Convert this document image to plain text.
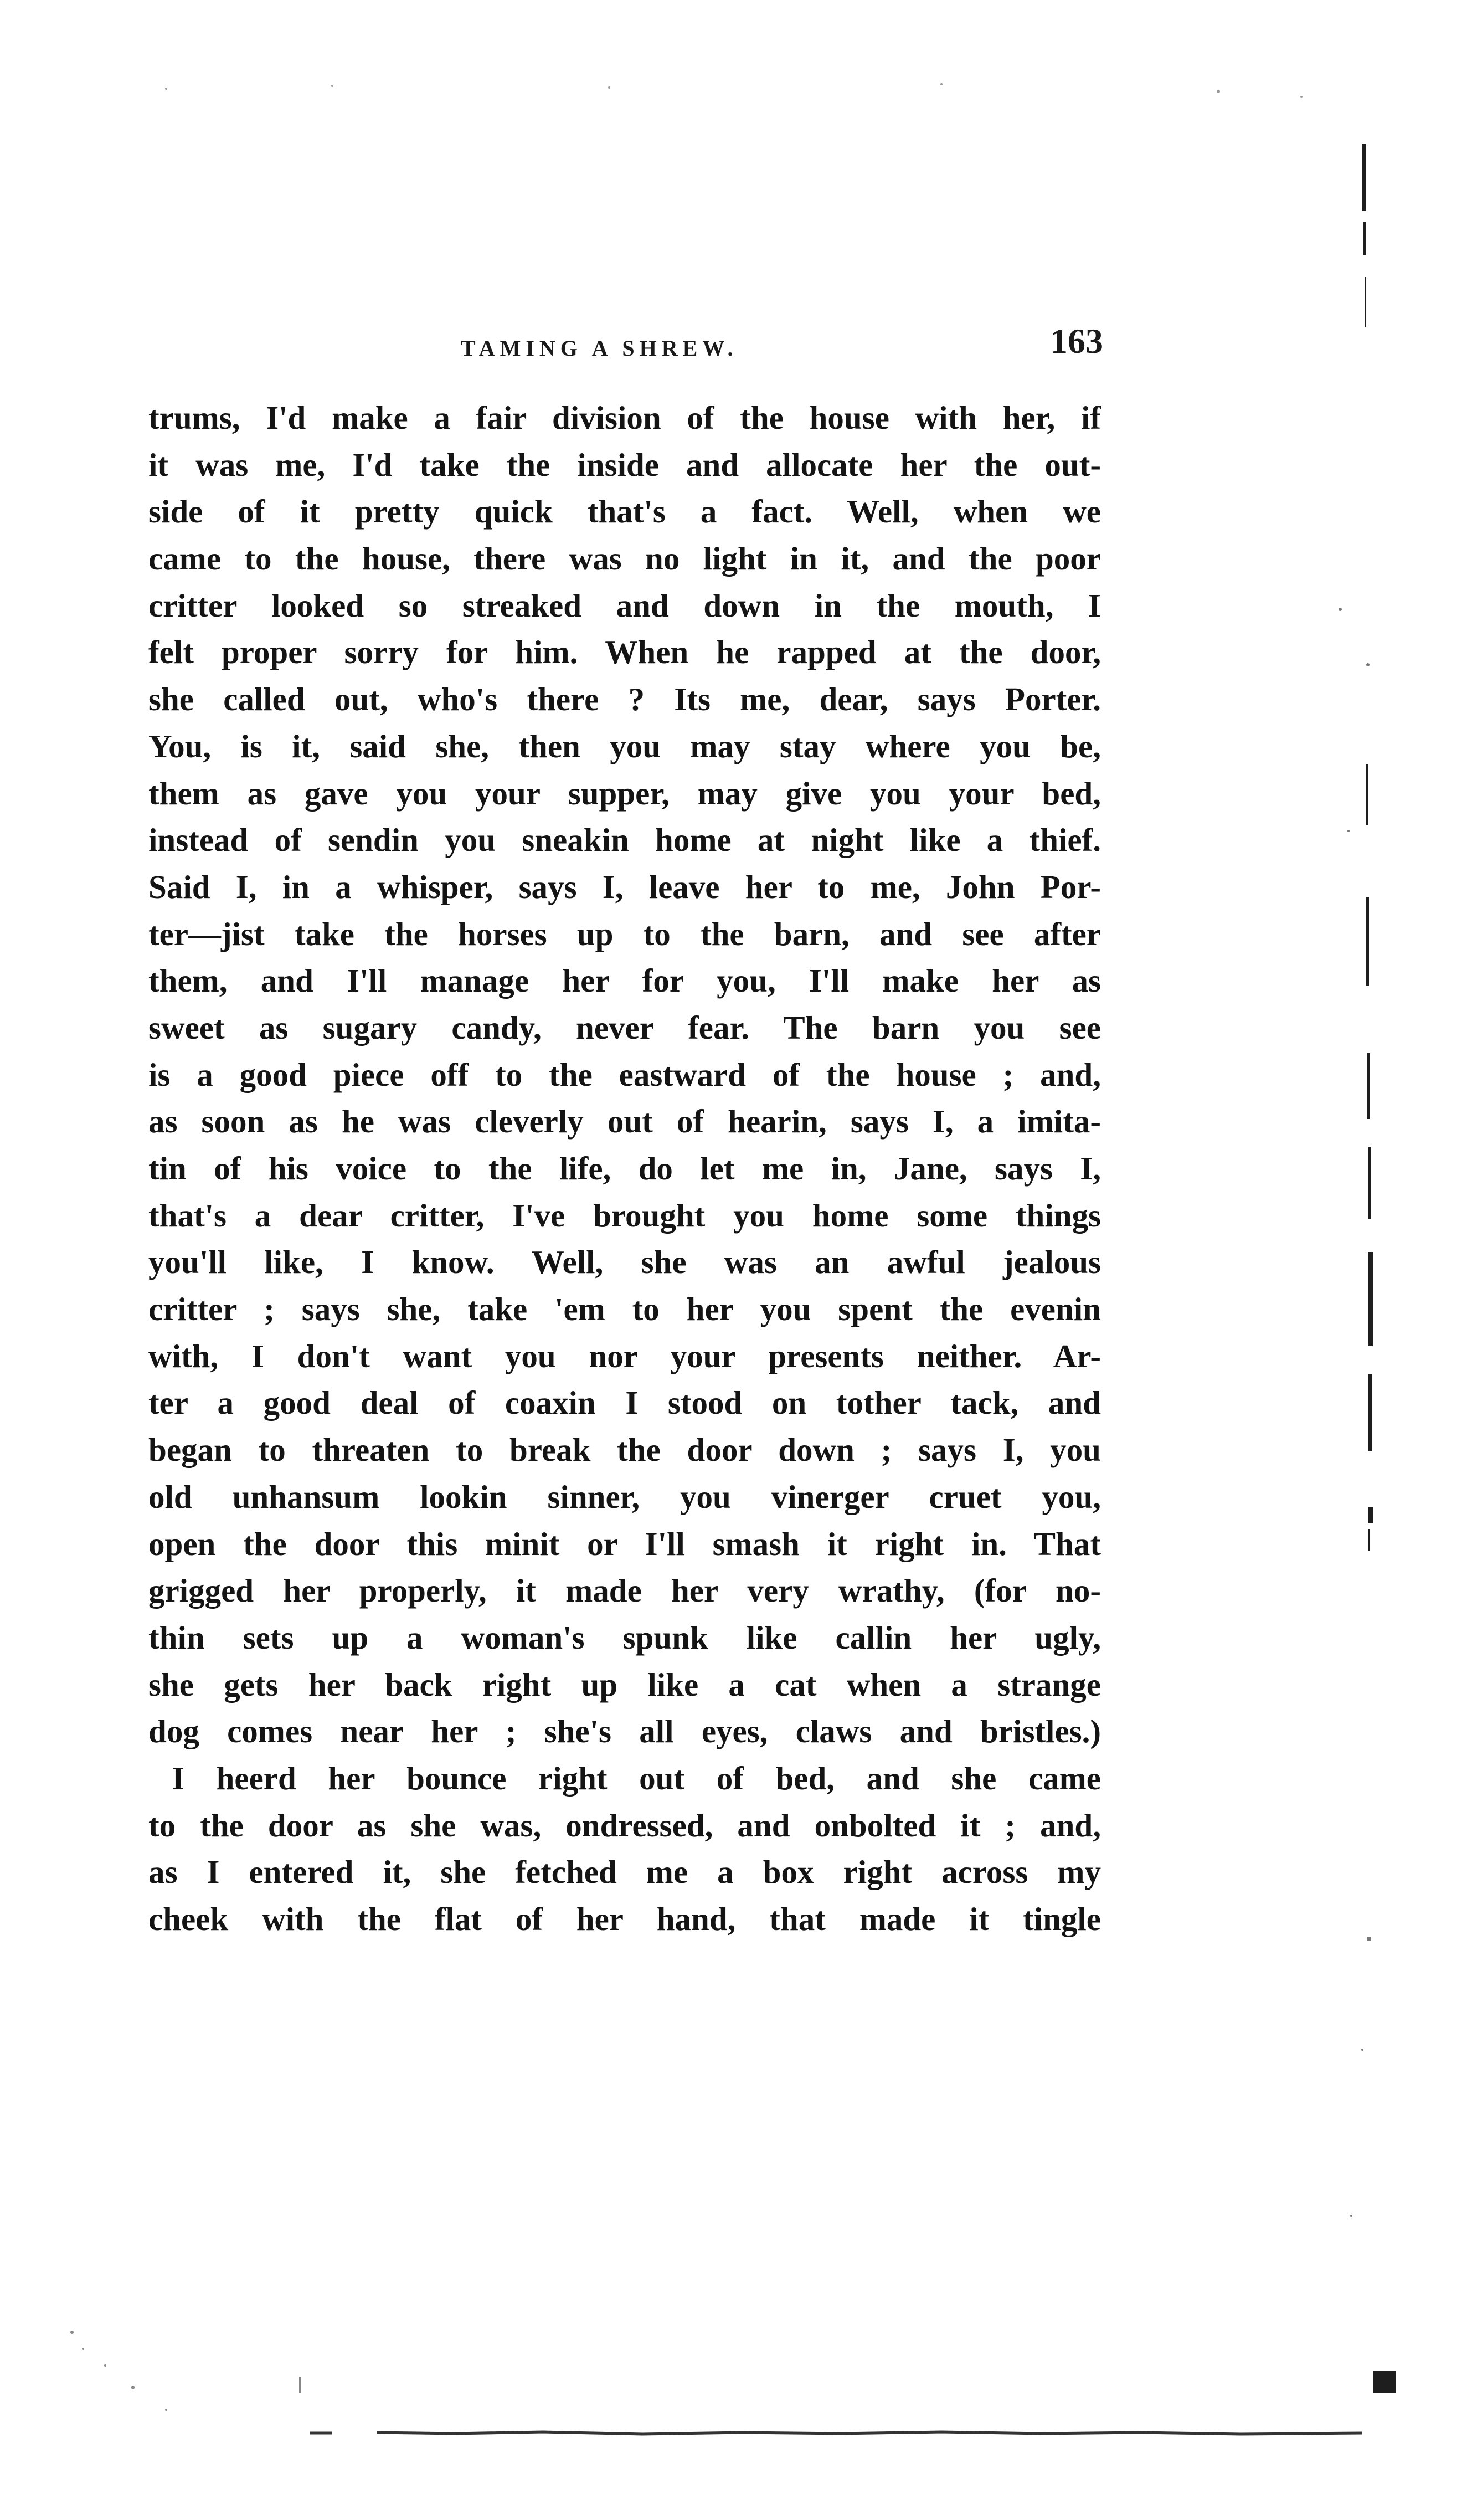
TAMING A SHREW.	163
trums, I'd make a fair division of the house with her, if
it was me, I'd take the inside and allocate her the out-
side of it pretty quick that's a fact. Well, when we
came to the house, there was no light in it, and the poor
critter looked so streaked and down in the mouth, I
felt proper sorry for him. When he rapped at the door,
she called out, who's there ? Its me, dear, says Porter.
You, is it, said she, then you may stay where you be,
them as gave you your supper, may give you your bed,
instead of sendin you sneakin home at night like a thief.
Said I, in a whisper, says I, leave her to me, John Por-
ter—jist take the horses up to the barn, and see after
them, and I'll manage her for you, I'll make her as
sweet as sugary candy, never fear. The barn you see
is a good piece off to the eastward of the house ; and,
as soon as he was cleverly out of hearin, says I, a imita-
tin of his voice to the life, do let me in, Jane, says I,
that's a dear critter, I've brought you home some things
you'll like, I know. Well, she was an awful jealous
critter ; says she, take 'em to her you spent the evenin
with, I don't want you nor your presents neither. Ar-
ter a good deal of coaxin I stood on tother tack, and
began to threaten to break the door down ; says I, you
old unhansum lookin sinner, you vinerger cruet you,
open the door this minit or I'll smash it right in. That
grigged her properly, it made her very wrathy, (for no-
thin sets up a woman's spunk like callin her ugly,
she gets her back right up like a cat when a strange
dog comes near her ; she's all eyes, claws and bristles.)
I heerd her bounce right out of bed, and she came
to the door as she was, ondressed, and onbolted it ; and,
as I entered it, she fetched me a box right across my
cheek with the flat of her hand, that made it tingle
